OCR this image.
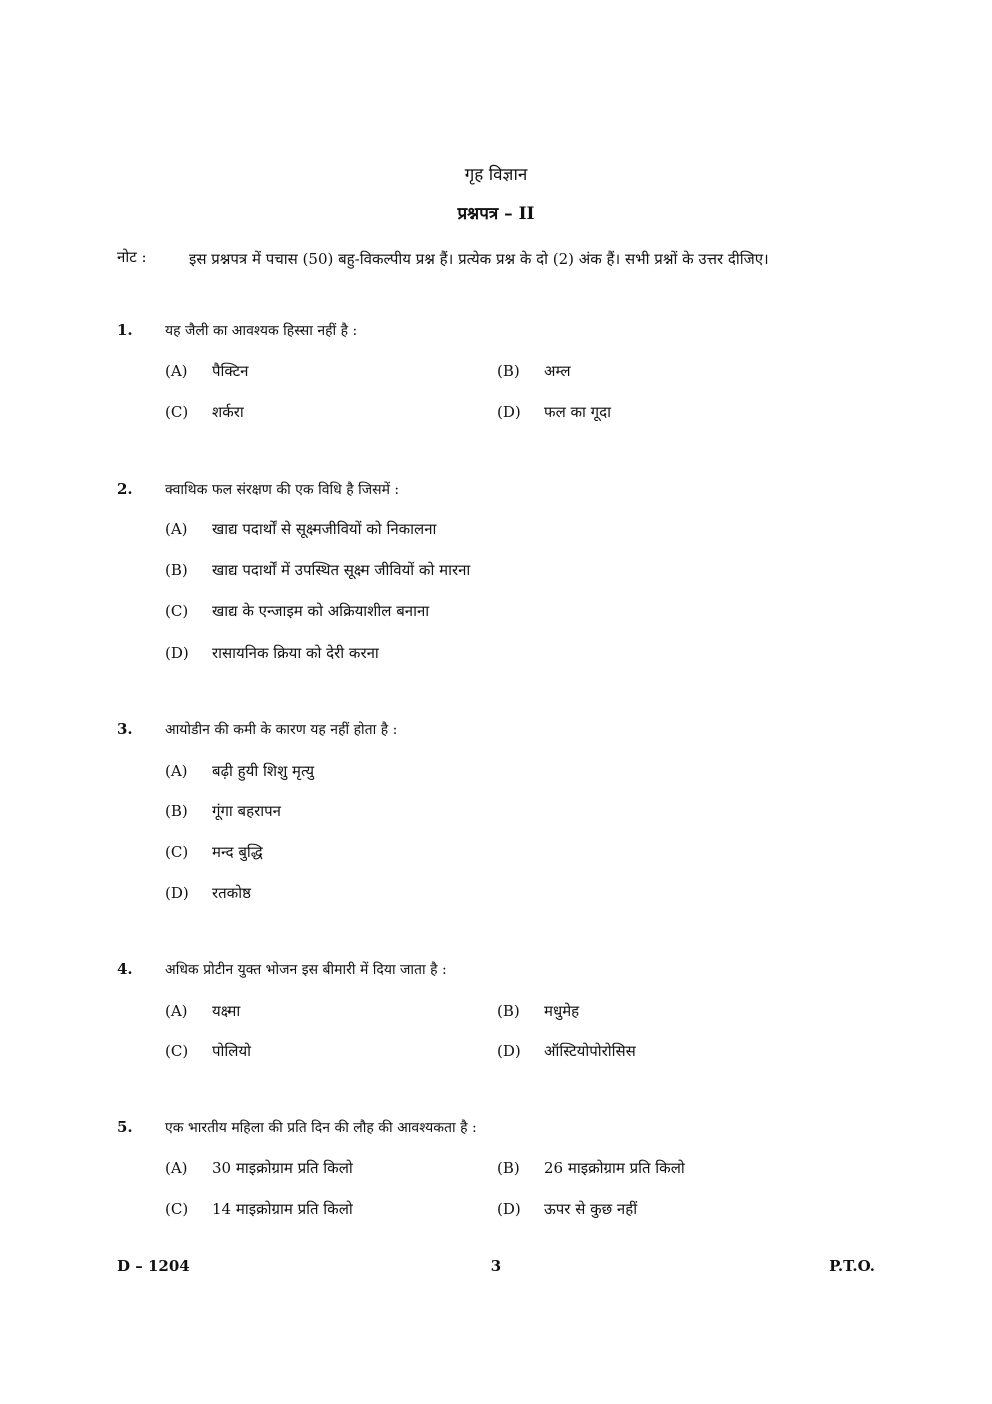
गृह विज्ञान
प्रश्नपत्र – II
नोट :	इस प्रश्नपत्र में पचास (50) बहु-विकल्पीय प्रश्न हैं। प्रत्येक प्रश्न के दो (2) अंक हैं। सभी प्रश्नों के उत्तर दीजिए।
1. यह जैली का आवश्यक हिस्सा नहीं है :
(A) पैक्टिन	(B) अम्ल
(C) शर्करा	(D) फल का गूदा
2. क्वाथिक फल संरक्षण की एक विधि है जिसमें :
(A) खाद्य पदार्थों से सूक्ष्मजीवियों को निकालना
(B) खाद्य पदार्थों में उपस्थित सूक्ष्म जीवियों को मारना
(C) खाद्य के एन्जाइम को अक्रियाशील बनाना
(D) रासायनिक क्रिया को देरी करना
3. आयोडीन की कमी के कारण यह नहीं होता है :
(A) बढ़ी हुयी शिशु मृत्यु
(B) गूंगा बहरापन
(C) मन्द बुद्धि
(D) रतकोष्ठ
4. अधिक प्रोटीन युक्त भोजन इस बीमारी में दिया जाता है :
(A) यक्ष्मा	(B) मधुमेह
(C) पोलियो	(D) ऑस्टियोपोरोसिस
5. एक भारतीय महिला की प्रति दिन की लौह की आवश्यकता है :
(A) 30 माइक्रोग्राम प्रति किलो	(B) 26 माइक्रोग्राम प्रति किलो
(C) 14 माइक्रोग्राम प्रति किलो	(D) ऊपर से कुछ नहीं
D – 1204	3	P.T.O.
